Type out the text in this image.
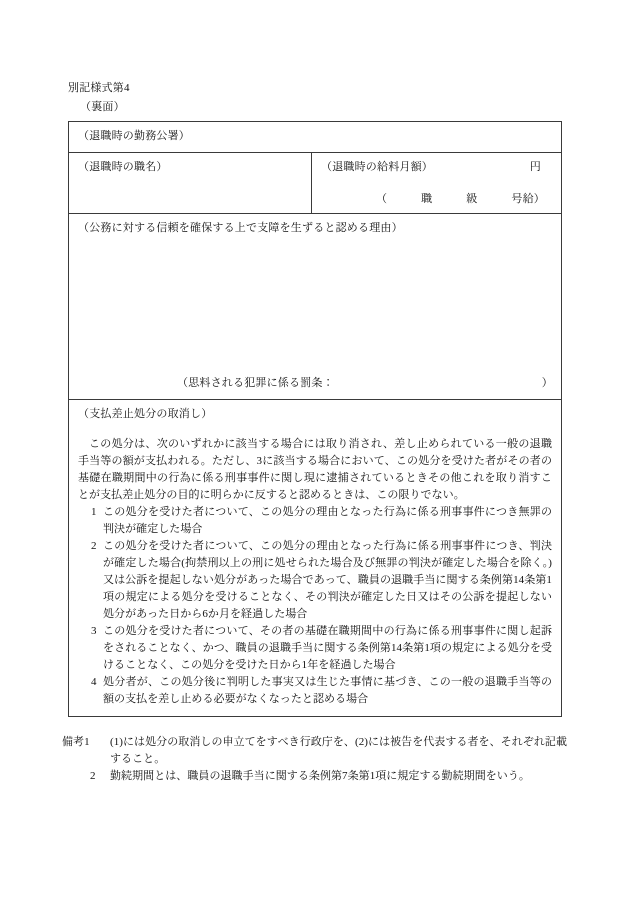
別記様式第4
（裏面）
（退職時の勤務公署）
（退職時の職名）	（退職時の給料月額）	円
（	職	級	号給）
（公務に対する信頼を確保する上で支障を生ずると認める理由）
（思料される犯罪に係る罰条：	）
（支払差止処分の取消し）
この処分は、次のいずれかに該当する場合には取り消され、差し止められている一般の退職手当等の額が支払われる。ただし、3に該当する場合において、この処分を受けた者がその者の基礎在職期間中の行為に係る刑事事件に関し現に逮捕されているときその他これを取り消すことが支払差止処分の目的に明らかに反すると認めるときは、この限りでない。
1 この処分を受けた者について、この処分の理由となった行為に係る刑事事件につき無罪の判決が確定した場合
2 この処分を受けた者について、この処分の理由となった行為に係る刑事事件につき、判決が確定した場合(拘禁刑以上の刑に処せられた場合及び無罪の判決が確定した場合を除く。)又は公訴を提起しない処分があった場合であって、職員の退職手当に関する条例第14条第1項の規定による処分を受けることなく、その判決が確定した日又はその公訴を提起しない処分があった日から6か月を経過した場合
3 この処分を受けた者について、その者の基礎在職期間中の行為に係る刑事事件に関し起訴をされることなく、かつ、職員の退職手当に関する条例第14条第1項の規定による処分を受けることなく、この処分を受けた日から1年を経過した場合
4 処分者が、この処分後に判明した事実又は生じた事情に基づき、この一般の退職手当等の額の支払を差し止める必要がなくなったと認める場合
備考1	(1)には処分の取消しの申立てをすべき行政庁を、(2)には被告を代表する者を、それぞれ記載すること。
2	勤続期間とは、職員の退職手当に関する条例第7条第1項に規定する勤続期間をいう。
